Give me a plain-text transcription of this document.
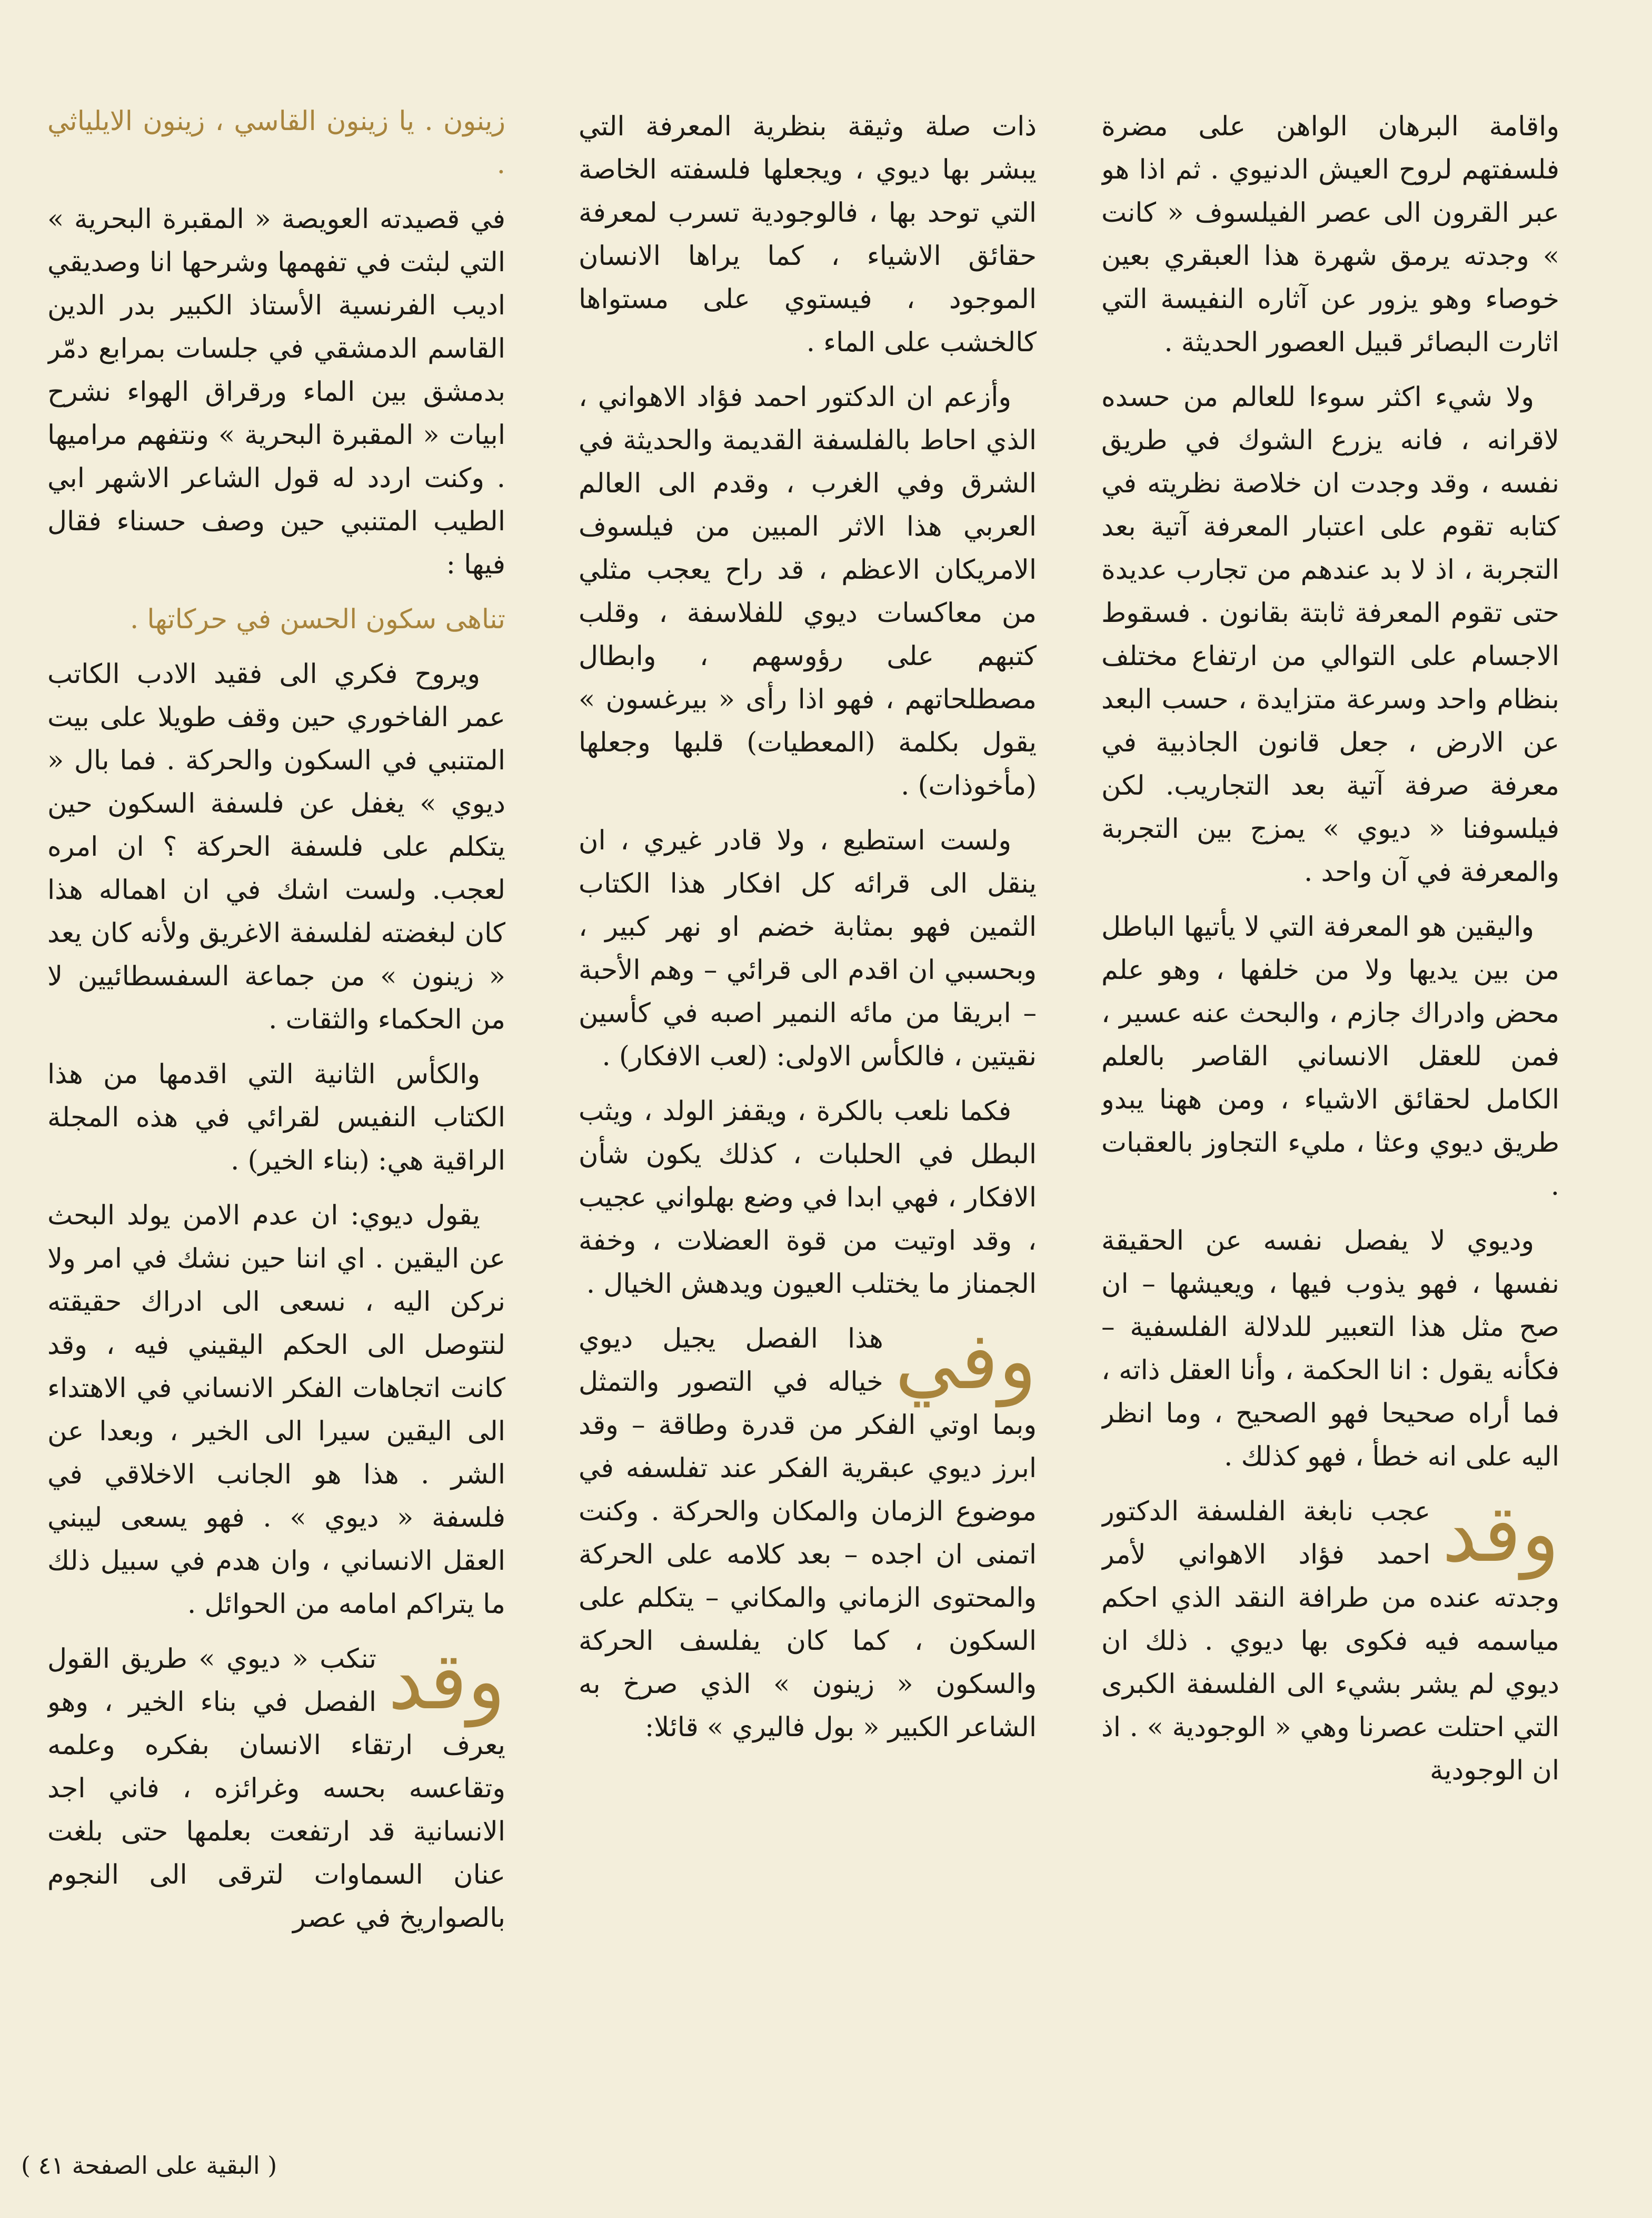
واقامة البرهان الواهن على مضرة فلسفتهم لروح العيش الدنيوي . ثم اذا هو عبر القرون الى عصر الفيلسوف « كانت » وجدته يرمق شهرة هذا العبقري بعين خوصاء وهو يزور عن آثاره النفيسة التي اثارت البصائر قبيل العصور الحديثة .

ولا شيء اكثر سوءا للعالم من حسده لاقرانه ، فانه يزرع الشوك في طريق نفسه ، وقد وجدت ان خلاصة نظريته في كتابه تقوم على اعتبار المعرفة آتية بعد التجربة ، اذ لا بد عندهم من تجارب عديدة حتى تقوم المعرفة ثابتة بقانون . فسقوط الاجسام على التوالي من ارتفاع مختلف بنظام واحد وسرعة متزايدة ، حسب البعد عن الارض ، جعل قانون الجاذبية في معرفة صرفة آتية بعد التجاريب. لكن فيلسوفنا « ديوي » يمزج بين التجربة والمعرفة في آن واحد .

واليقين هو المعرفة التي لا يأتيها الباطل من بين يديها ولا من خلفها ، وهو علم محض وادراك جازم ، والبحث عنه عسير ، فمن للعقل الانساني القاصر بالعلم الكامل لحقائق الاشياء ، ومن ههنا يبدو طريق ديوي وعثا ، مليء التجاوز بالعقبات .

وديوي لا يفصل نفسه عن الحقيقة نفسها ، فهو يذوب فيها ، ويعيشها – ان صح مثل هذا التعبير للدلالة الفلسفية – فكأنه يقول : انا الحكمة ، وأنا العقل ذاته ، فما أراه صحيحا فهو الصحيح ، وما انظر اليه على انه خطأ ، فهو كذلك .

وقد
عجب نابغة الفلسفة الدكتور احمد فؤاد الاهواني لأمر وجدته عنده من طرافة النقد الذي احكم مياسمه فيه فكوى بها ديوي . ذلك ان ديوي لم يشر بشيء الى الفلسفة الكبرى التي احتلت عصرنا وهي « الوجودية » . اذ ان الوجودية

ذات صلة وثيقة بنظرية المعرفة التي يبشر بها ديوي ، ويجعلها فلسفته الخاصة التي توحد بها ، فالوجودية تسرب لمعرفة حقائق الاشياء ، كما يراها الانسان الموجود ، فيستوي على مستواها كالخشب على الماء .

وأزعم ان الدكتور احمد فؤاد الاهواني ، الذي احاط بالفلسفة القديمة والحديثة في الشرق وفي الغرب ، وقدم الى العالم العربي هذا الاثر المبين من فيلسوف الامريكان الاعظم ، قد راح يعجب مثلي من معاكسات ديوي للفلاسفة ، وقلب كتبهم على رؤوسهم ، وابطال مصطلحاتهم ، فهو اذا رأى « بيرغسون » يقول بكلمة (المعطيات) قلبها وجعلها (مأخوذات) .

ولست استطيع ، ولا قادر غيري ، ان ينقل الى قرائه كل افكار هذا الكتاب الثمين فهو بمثابة خضم او نهر كبير ، وبحسبي ان اقدم الى قرائي – وهم الأحبة – ابريقا من مائه النمير اصبه في كأسين نقيتين ، فالكأس الاولى: (لعب الافكار) .

فكما نلعب بالكرة ، ويقفز الولد ، ويثب البطل في الحلبات ، كذلك يكون شأن الافكار ، فهي ابدا في وضع بهلواني عجيب ، وقد اوتيت من قوة العضلات ، وخفة الجمناز ما يختلب العيون ويدهش الخيال .

وفي
هذا الفصل يجيل ديوي خياله في التصور والتمثل وبما اوتي الفكر من قدرة وطاقة – وقد ابرز ديوي عبقرية الفكر عند تفلسفه في موضوع الزمان والمكان والحركة . وكنت اتمنى ان اجده – بعد كلامه على الحركة والمحتوى الزماني والمكاني – يتكلم على السكون ، كما كان يفلسف الحركة والسكون « زينون » الذي صرخ به الشاعر الكبير « بول فاليري » قائلا:

زينون . يا زينون القاسي ، زينون الايلياثي .

في قصيدته العويصة « المقبرة البحرية » التي لبثت في تفهمها وشرحها انا وصديقي اديب الفرنسية الأستاذ الكبير بدر الدين القاسم الدمشقي في جلسات بمرابع دمّر بدمشق بين الماء ورقراق الهواء نشرح ابيات « المقبرة البحرية » ونتفهم مراميها . وكنت اردد له قول الشاعر الاشهر ابي الطيب المتنبي حين وصف حسناء فقال فيها :

تناهى سكون الحسن في حركاتها .

ويروح فكري الى فقيد الادب الكاتب عمر الفاخوري حين وقف طويلا على بيت المتنبي في السكون والحركة . فما بال « ديوي » يغفل عن فلسفة السكون حين يتكلم على فلسفة الحركة ؟ ان امره لعجب. ولست اشك في ان اهماله هذا كان لبغضته لفلسفة الاغريق ولأنه كان يعد « زينون » من جماعة السفسطائيين لا من الحكماء والثقات .

والكأس الثانية التي اقدمها من هذا الكتاب النفيس لقرائي في هذه المجلة الراقية هي: (بناء الخير) .

يقول ديوي: ان عدم الامن يولد البحث عن اليقين . اي اننا حين نشك في امر ولا نركن اليه ، نسعى الى ادراك حقيقته لنتوصل الى الحكم اليقيني فيه ، وقد كانت اتجاهات الفكر الانساني في الاهتداء الى اليقين سيرا الى الخير ، وبعدا عن الشر . هذا هو الجانب الاخلاقي في فلسفة « ديوي » . فهو يسعى ليبني العقل الانساني ، وان هدم في سبيل ذلك ما يتراكم امامه من الحوائل .

وقد
تنكب « ديوي » طريق القول الفصل في بناء الخير ، وهو يعرف ارتقاء الانسان بفكره وعلمه وتقاعسه بحسه وغرائزه ، فاني اجد الانسانية قد ارتفعت بعلمها حتى بلغت عنان السماوات لترقى الى النجوم بالصواريخ في عصر

( البقية على الصفحة ٤١ )
